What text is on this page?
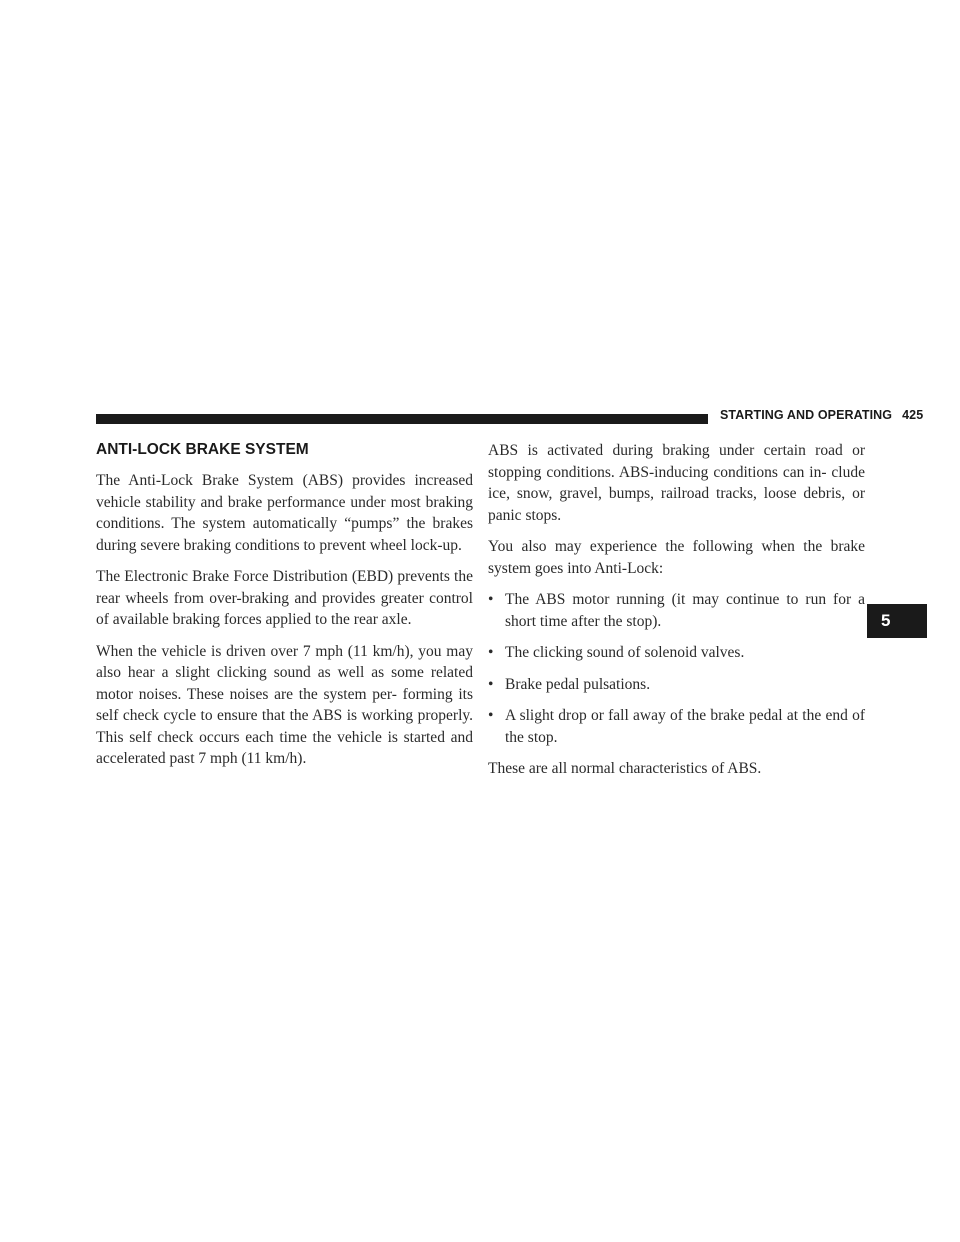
STARTING AND OPERATING 425
5
ANTI-LOCK BRAKE SYSTEM

The Anti-Lock Brake System (ABS) provides increased vehicle stability and brake performance under most braking conditions. The system automatically “pumps” the brakes during severe braking conditions to prevent wheel lock-up.

The Electronic Brake Force Distribution (EBD) prevents the rear wheels from over-braking and provides greater control of available braking forces applied to the rear axle.

When the vehicle is driven over 7 mph (11 km/h), you may also hear a slight clicking sound as well as some related motor noises. These noises are the system per- forming its self check cycle to ensure that the ABS is working properly. This self check occurs each time the vehicle is started and accelerated past 7 mph (11 km/h).

ABS is activated during braking under certain road or stopping conditions. ABS-inducing conditions can in- clude ice, snow, gravel, bumps, railroad tracks, loose debris, or panic stops.

You also may experience the following when the brake system goes into Anti-Lock:

• The ABS motor running (it may continue to run for a short time after the stop).
• The clicking sound of solenoid valves.
• Brake pedal pulsations.
• A slight drop or fall away of the brake pedal at the end of the stop.

These are all normal characteristics of ABS.
